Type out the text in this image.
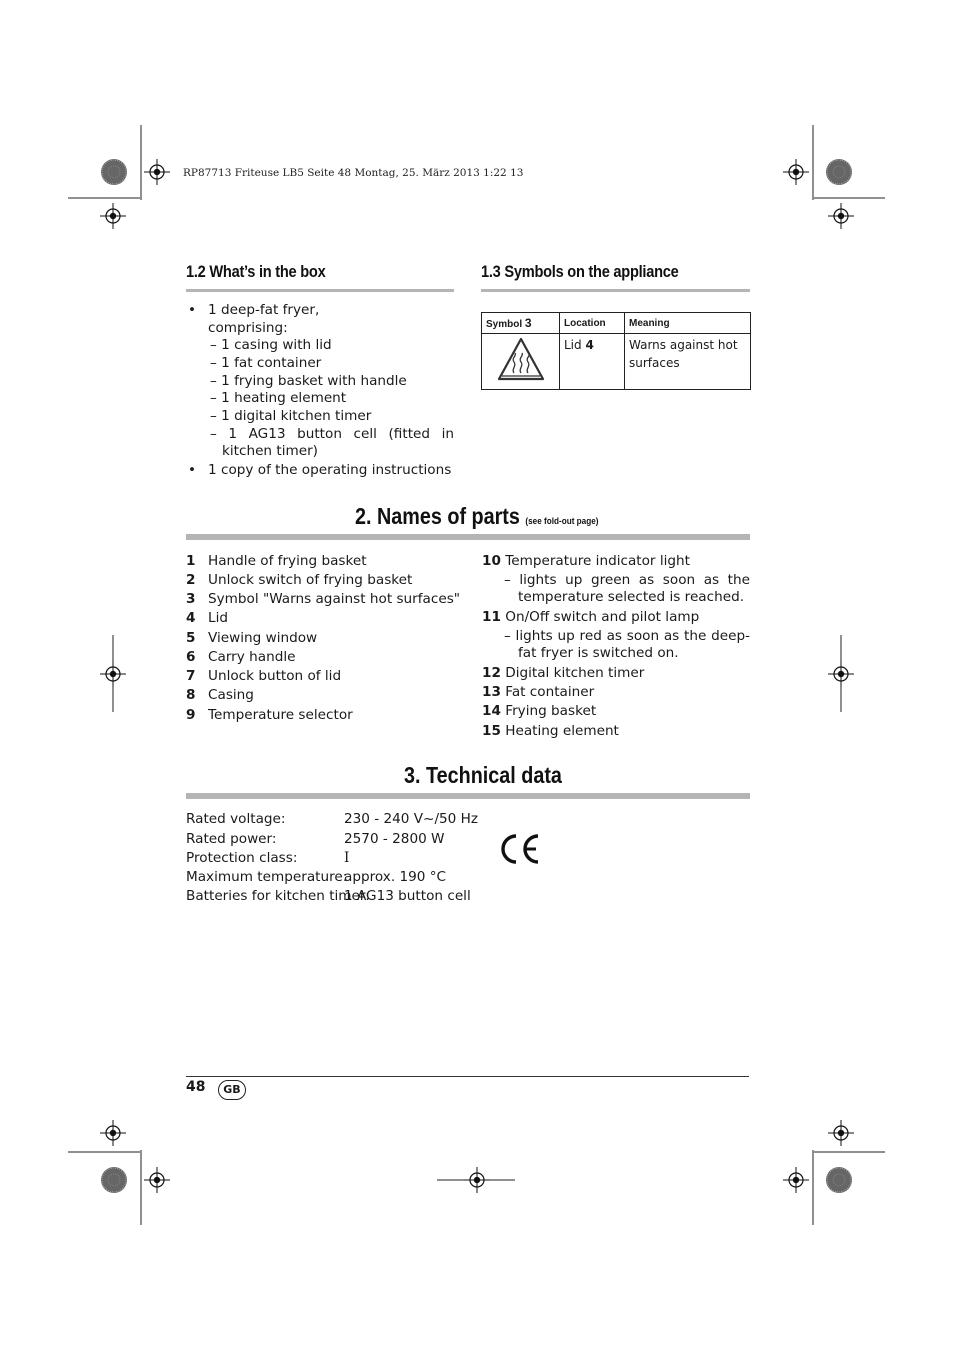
RP87713 Friteuse LB5 Seite 48 Montag, 25. März 2013 1:22 13
1.2 What’s in the box
• 1 deep-fat fryer,
comprising:
– 1 casing with lid
– 1 fat container
– 1 frying basket with handle
– 1 heating element
– 1 digital kitchen timer
– 1 AG13 button cell (fitted in kitchen timer)
• 1 copy of the operating instructions
1.3 Symbols on the appliance
Symbol 3	Location	Meaning
	Lid 4	Warns against hot surfaces
2. Names of parts (see fold-out page)
1 Handle of frying basket
2 Unlock switch of frying basket
3 Symbol "Warns against hot surfaces"
4 Lid
5 Viewing window
6 Carry handle
7 Unlock button of lid
8 Casing
9 Temperature selector
10 Temperature indicator light
– lights up green as soon as the temperature selected is reached.
11 On/Off switch and pilot lamp
– lights up red as soon as the deep-fat fryer is switched on.
12 Digital kitchen timer
13 Fat container
14 Frying basket
15 Heating element
3. Technical data
Rated voltage:	230 - 240 V~/50 Hz
Rated power:	2570 - 2800 W
Protection class:	I
Maximum temperature:
approx. 190 °C
Batteries for kitchen timer:
1 AG13 button cell
48	GB
